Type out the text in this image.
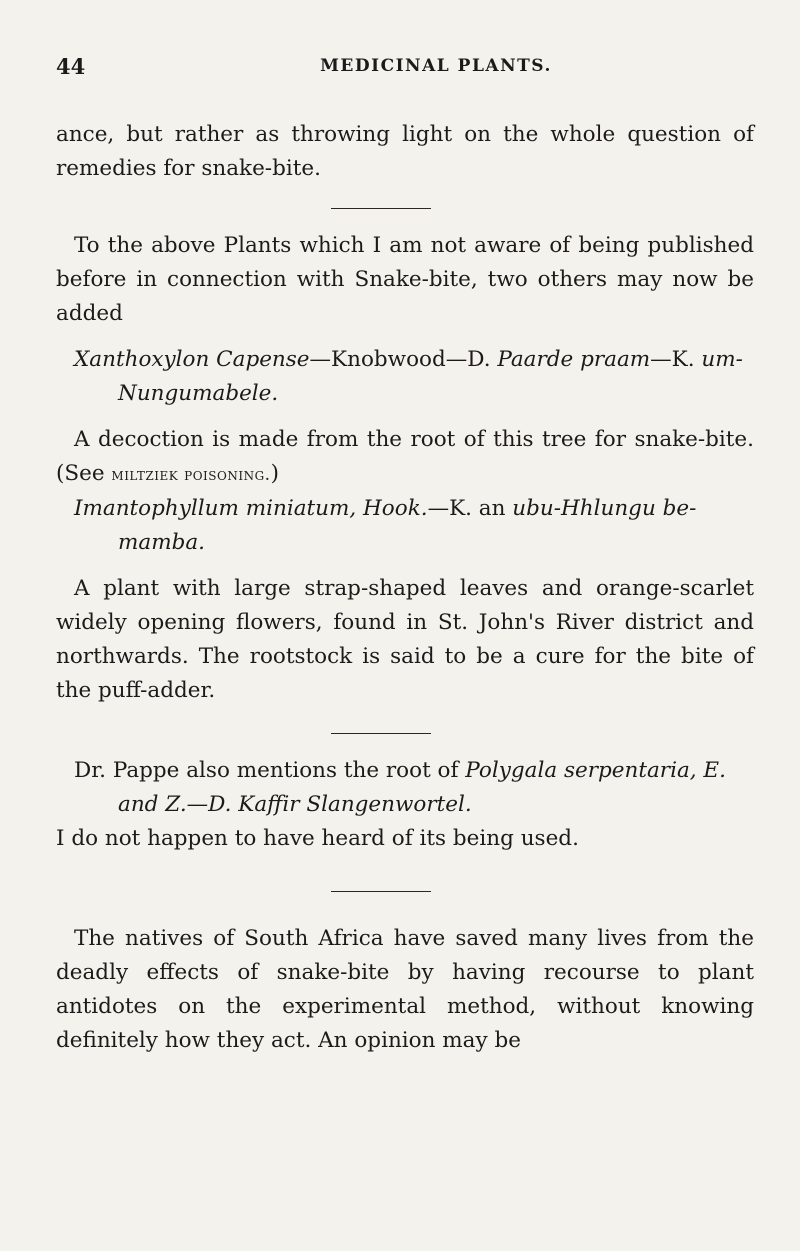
44	MEDICINAL PLANTS.

ance, but rather as throwing light on the whole question of remedies for snake-bite.

To the above Plants which I am not aware of being published before in connection with Snake-bite, two others may now be added

Xanthoxylon Capense—Knobwood—D. Paarde praam—K. um-Nungumabele.

A decoction is made from the root of this tree for snake-bite. (See miltziek poisoning.)

Imantophyllum miniatum, Hook.—K. an ubu-Hhlungu be-mamba.

A plant with large strap-shaped leaves and orange-scarlet widely opening flowers, found in St. John's River district and northwards. The rootstock is said to be a cure for the bite of the puff-adder.

Dr. Pappe also mentions the root of Polygala serpentaria, E. and Z.—D. Kaffir Slangenwortel.

I do not happen to have heard of its being used.

The natives of South Africa have saved many lives from the deadly effects of snake-bite by having recourse to plant antidotes on the experimental method, without knowing definitely how they act. An opinion may be
